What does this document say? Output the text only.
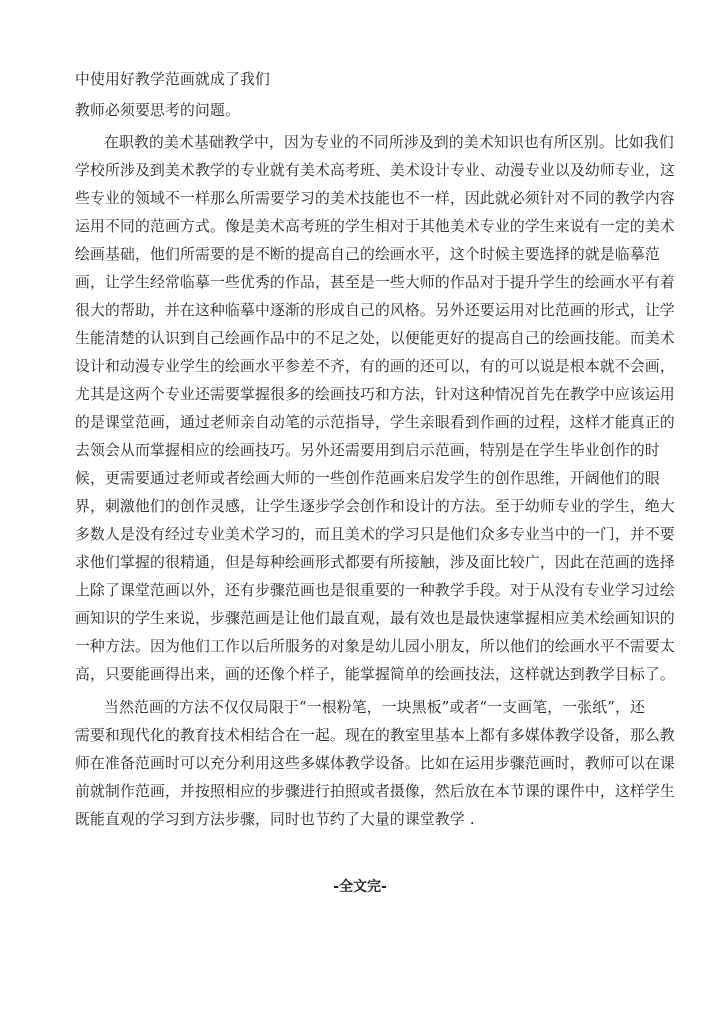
中使用好教学范画就成了我们
教师必须要思考的问题。
在职教的美术基础教学中，因为专业的不同所涉及到的美术知识也有所区别。比如我们
学校所涉及到美术教学的专业就有美术高考班、美术设计专业、动漫专业以及幼师专业，这
些专业的领域不一样那么所需要学习的美术技能也不一样，因此就必须针对不同的教学内容
运用不同的范画方式。像是美术高考班的学生相对于其他美术专业的学生来说有一定的美术
绘画基础，他们所需要的是不断的提高自己的绘画水平，这个时候主要选择的就是临摹范
画，让学生经常临摹一些优秀的作品，甚至是一些大师的作品对于提升学生的绘画水平有着
很大的帮助，并在这种临摹中逐渐的形成自己的风格。另外还要运用对比范画的形式，让学
生能清楚的认识到自己绘画作品中的不足之处，以便能更好的提高自己的绘画技能。而美术
设计和动漫专业学生的绘画水平参差不齐，有的画的还可以，有的可以说是根本就不会画，
尤其是这两个专业还需要掌握很多的绘画技巧和方法，针对这种情况首先在教学中应该运用
的是课堂范画，通过老师亲自动笔的示范指导，学生亲眼看到作画的过程，这样才能真正的
去领会从而掌握相应的绘画技巧。另外还需要用到启示范画，特别是在学生毕业创作的时
候，更需要通过老师或者绘画大师的一些创作范画来启发学生的创作思维，开阔他们的眼
界，刺激他们的创作灵感，让学生逐步学会创作和设计的方法。至于幼师专业的学生，绝大
多数人是没有经过专业美术学习的，而且美术的学习只是他们众多专业当中的一门，并不要
求他们掌握的很精通，但是每种绘画形式都要有所接触，涉及面比较广，因此在范画的选择
上除了课堂范画以外，还有步骤范画也是很重要的一种教学手段。对于从没有专业学习过绘
画知识的学生来说，步骤范画是让他们最直观，最有效也是最快速掌握相应美术绘画知识的
一种方法。因为他们工作以后所服务的对象是幼儿园小朋友，所以他们的绘画水平不需要太
高，只要能画得出来，画的还像个样子，能掌握简单的绘画技法，这样就达到教学目标了。
当然范画的方法不仅仅局限于“一根粉笔，一块黑板”或者“一支画笔，一张纸”，还
需要和现代化的教育技术相结合在一起。现在的教室里基本上都有多媒体教学设备，那么教
师在准备范画时可以充分利用这些多媒体教学设备。比如在运用步骤范画时，教师可以在课
前就制作范画，并按照相应的步骤进行拍照或者摄像，然后放在本节课的课件中，这样学生
既能直观的学习到方法步骤，同时也节约了大量的课堂教学 .
-全文完-
